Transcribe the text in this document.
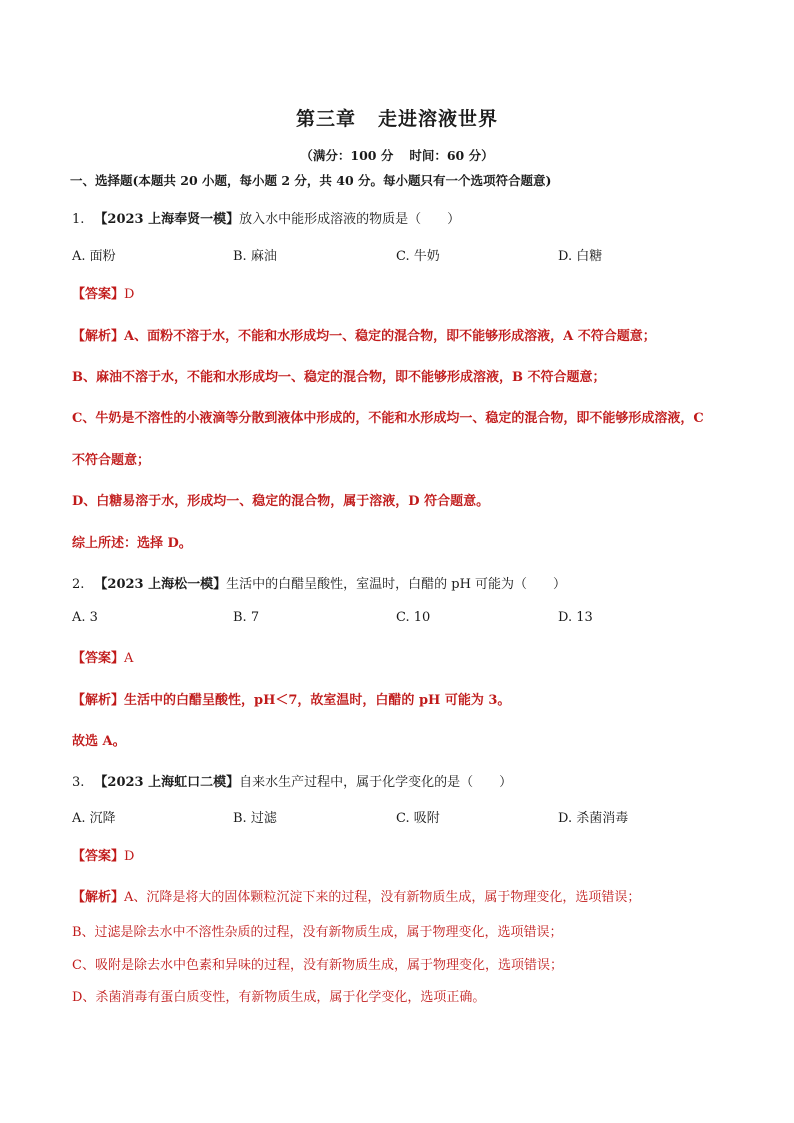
第三章 走进溶液世界
（满分：100 分 时间：60 分）
一、选择题(本题共 20 小题，每小题 2 分，共 40 分。每小题只有一个选项符合题意)
1. 【2023 上海奉贤一模】放入水中能形成溶液的物质是（　　）
A. 面粉	B. 麻油	C. 牛奶	D. 白糖
【答案】D
【解析】A、面粉不溶于水，不能和水形成均一、稳定的混合物，即不能够形成溶液，A 不符合题意；
B、麻油不溶于水，不能和水形成均一、稳定的混合物，即不能够形成溶液，B 不符合题意；
C、牛奶是不溶性的小液滴等分散到液体中形成的，不能和水形成均一、稳定的混合物，即不能够形成溶液，C
不符合题意；
D、白糖易溶于水，形成均一、稳定的混合物，属于溶液，D 符合题意。
综上所述：选择 D。
2. 【2023 上海松一模】生活中的白醋呈酸性，室温时，白醋的 pH 可能为（　　）
A. 3	B. 7	C. 10	D. 13
【答案】A
【解析】生活中的白醋呈酸性，pH＜7，故室温时，白醋的 pH 可能为 3。
故选 A。
3. 【2023 上海虹口二模】自来水生产过程中，属于化学变化的是（　　）
A. 沉降	B. 过滤	C. 吸附	D. 杀菌消毒
【答案】D
【解析】A、沉降是将大的固体颗粒沉淀下来的过程，没有新物质生成，属于物理变化，选项错误；
B、过滤是除去水中不溶性杂质的过程，没有新物质生成，属于物理变化，选项错误；
C、吸附是除去水中色素和异味的过程，没有新物质生成，属于物理变化，选项错误；
D、杀菌消毒有蛋白质变性，有新物质生成，属于化学变化，选项正确。
